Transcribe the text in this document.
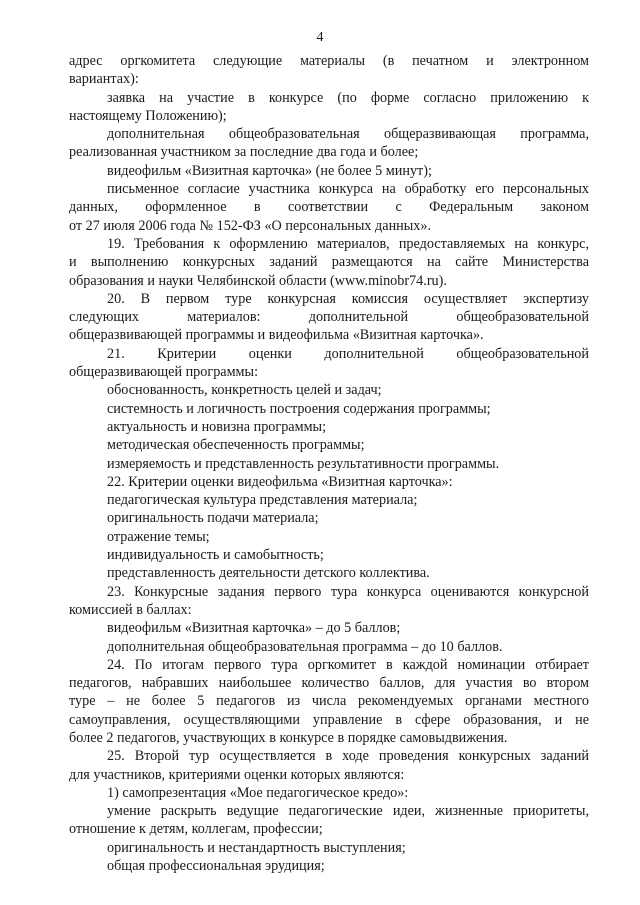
4
адрес оргкомитета следующие материалы (в печатном и электронном
вариантах):
заявка на участие в конкурсе (по форме согласно приложению к
настоящему Положению);
дополнительная общеобразовательная общеразвивающая программа,
реализованная участником за последние два года и более;
видеофильм «Визитная карточка» (не более 5 минут);
письменное согласие участника конкурса на обработку его персональных
данных, оформленное в соответствии с Федеральным законом
от 27 июля 2006 года № 152-ФЗ «О персональных данных».
19. Требования к оформлению материалов, предоставляемых на конкурс,
и выполнению конкурсных заданий размещаются на сайте Министерства
образования и науки Челябинской области (www.minobr74.ru).
20. В первом туре конкурсная комиссия осуществляет экспертизу
следующих материалов: дополнительной общеобразовательной
общеразвивающей программы и видеофильма «Визитная карточка».
21. Критерии оценки дополнительной общеобразовательной
общеразвивающей программы:
обоснованность, конкретность целей и задач;
системность и логичность построения содержания программы;
актуальность и новизна программы;
методическая обеспеченность программы;
измеряемость и представленность результативности программы.
22. Критерии оценки видеофильма «Визитная карточка»:
педагогическая культура представления материала;
оригинальность подачи материала;
отражение темы;
индивидуальность и самобытность;
представленность деятельности детского коллектива.
23. Конкурсные задания первого тура конкурса оцениваются конкурсной
комиссией в баллах:
видеофильм «Визитная карточка» – до 5 баллов;
дополнительная общеобразовательная программа – до 10 баллов.
24. По итогам первого тура оргкомитет в каждой номинации отбирает
педагогов, набравших наибольшее количество баллов, для участия во втором
туре – не более 5 педагогов из числа рекомендуемых органами местного
самоуправления, осуществляющими управление в сфере образования, и не
более 2 педагогов, участвующих в конкурсе в порядке самовыдвижения.
25. Второй тур осуществляется в ходе проведения конкурсных заданий
для участников, критериями оценки которых являются:
1) самопрезентация «Мое педагогическое кредо»:
умение раскрыть ведущие педагогические идеи, жизненные приоритеты,
отношение к детям, коллегам, профессии;
оригинальность и нестандартность выступления;
общая профессиональная эрудиция;
